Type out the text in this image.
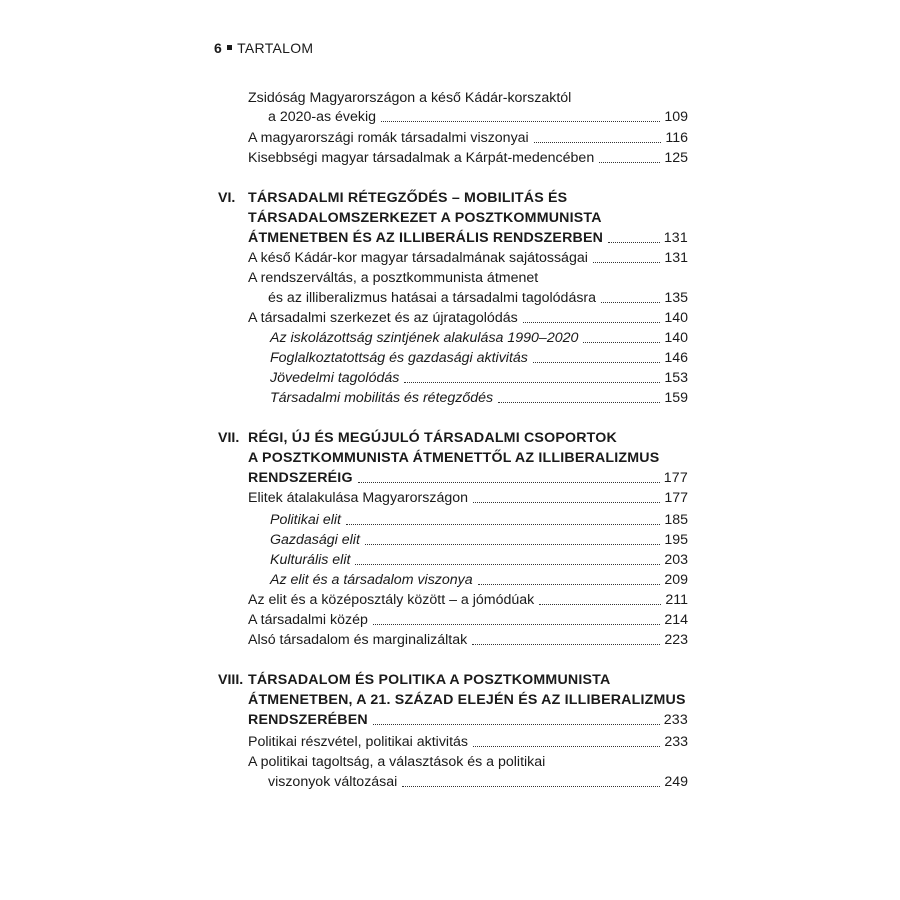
6 TARTALOM
Zsidóság Magyarországon a késő Kádár-korszaktól
a 2020-as évekig	109
A magyarországi romák társadalmi viszonyai	116
Kisebbségi magyar társadalmak a Kárpát-medencében	125
VI. TÁRSADALMI RÉTEGZŐDÉS – MOBILITÁS ÉS
TÁRSADALOMSZERKEZET A POSZTKOMMUNISTA
ÁTMENETBEN ÉS AZ ILLIBERÁLIS RENDSZERBEN	131
A késő Kádár-kor magyar társadalmának sajátosságai	131
A rendszerváltás, a posztkommunista átmenet
és az illiberalizmus hatásai a társadalmi tagolódásra	135
A társadalmi szerkezet és az újratagolódás	140
Az iskolázottság szintjének alakulása 1990–2020	140
Foglalkoztatottság és gazdasági aktivitás	146
Jövedelmi tagolódás	153
Társadalmi mobilitás és rétegződés	159
VII. RÉGI, ÚJ ÉS MEGÚJULÓ TÁRSADALMI CSOPORTOK
A POSZTKOMMUNISTA ÁTMENETTŐL AZ ILLIBERALIZMUS
RENDSZERÉIG	177
Elitek átalakulása Magyarországon	177
Politikai elit	185
Gazdasági elit	195
Kulturális elit	203
Az elit és a társadalom viszonya	209
Az elit és a középosztály között – a jómódúak	211
A társadalmi közép	214
Alsó társadalom és marginalizáltak	223
VIII. TÁRSADALOM ÉS POLITIKA A POSZTKOMMUNISTA
ÁTMENETBEN, A 21. SZÁZAD ELEJÉN ÉS AZ ILLIBERALIZMUS
RENDSZERÉBEN	233
Politikai részvétel, politikai aktivitás	233
A politikai tagoltság, a választások és a politikai
viszonyok változásai	249
